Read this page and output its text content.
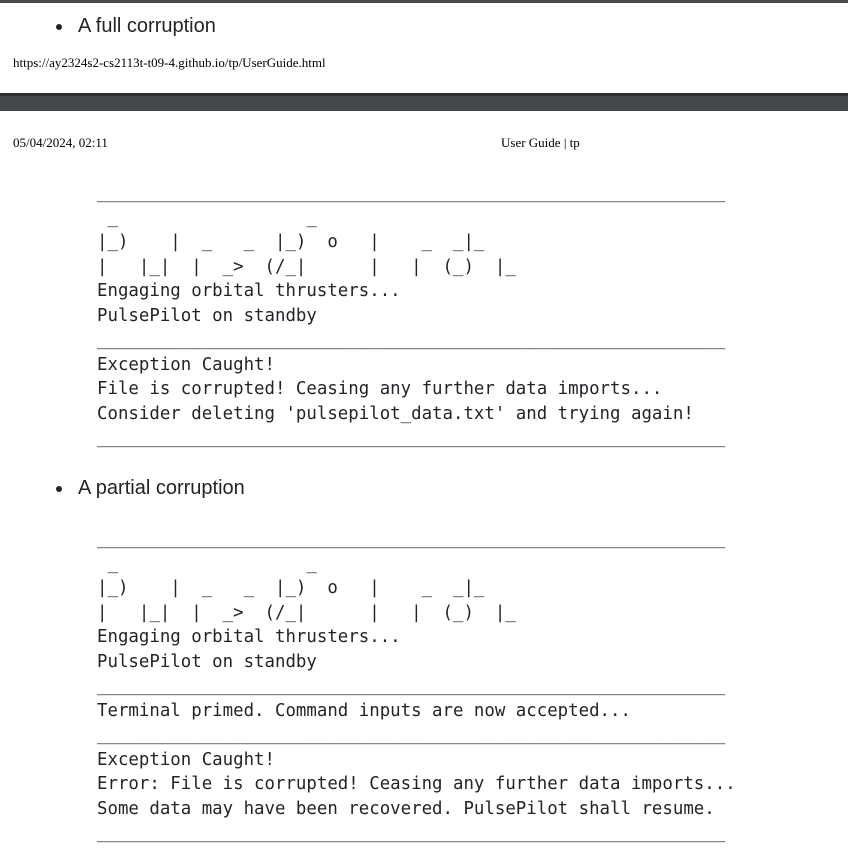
A full corruption
https://ay2324s2-cs2113t-t09-4.github.io/tp/UserGuide.html
05/04/2024, 02:11	User Guide | tp
____________________________________________________________
_                  _
|_)    |  _   _  |_)  o   |    _  _|_
|   |_|  |  _>  (/_|      |   |  (_)  |_
Engaging orbital thrusters...
PulsePilot on standby
____________________________________________________________
Exception Caught!
File is corrupted! Ceasing any further data imports...
Consider deleting 'pulsepilot_data.txt' and trying again!
____________________________________________________________
A partial corruption
____________________________________________________________
_                  _
|_)    |  _   _  |_)  o   |    _  _|_
|   |_|  |  _>  (/_|      |   |  (_)  |_
Engaging orbital thrusters...
PulsePilot on standby
____________________________________________________________
Terminal primed. Command inputs are now accepted...
____________________________________________________________
Exception Caught!
Error: File is corrupted! Ceasing any further data imports...
Some data may have been recovered. PulsePilot shall resume.
____________________________________________________________
